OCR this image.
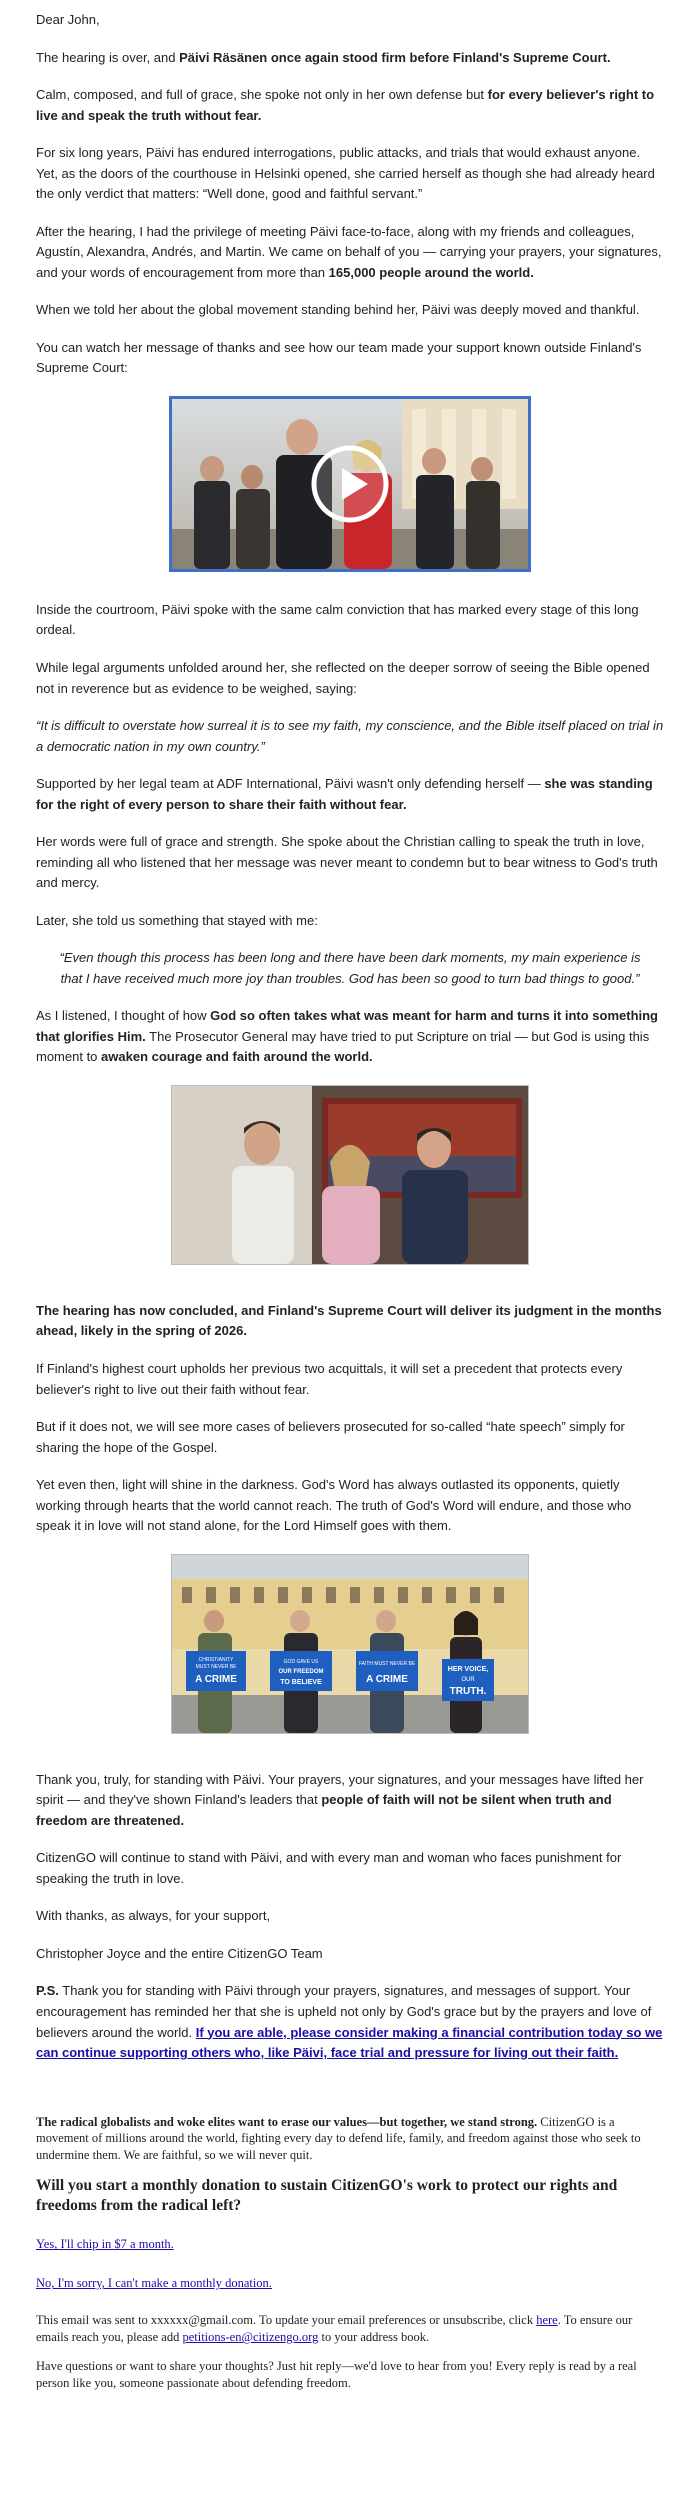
Dear John,

The hearing is over, and Päivi Räsänen once again stood firm before Finland's Supreme Court.

Calm, composed, and full of grace, she spoke not only in her own defense but for every believer's right to live and speak the truth without fear.

For six long years, Päivi has endured interrogations, public attacks, and trials that would exhaust anyone. Yet, as the doors of the courthouse in Helsinki opened, she carried herself as though she had already heard the only verdict that matters: “Well done, good and faithful servant.”

After the hearing, I had the privilege of meeting Päivi face-to-face, along with my friends and colleagues, Agustín, Alexandra, Andrés, and Martin. We came on behalf of you — carrying your prayers, your signatures, and your words of encouragement from more than 165,000 people around the world.

When we told her about the global movement standing behind her, Päivi was deeply moved and thankful.

You can watch her message of thanks and see how our team made your support known outside Finland's Supreme Court:

Inside the courtroom, Päivi spoke with the same calm conviction that has marked every stage of this long ordeal.

While legal arguments unfolded around her, she reflected on the deeper sorrow of seeing the Bible opened not in reverence but as evidence to be weighed, saying:

“It is difficult to overstate how surreal it is to see my faith, my conscience, and the Bible itself placed on trial in a democratic nation in my own country.”

Supported by her legal team at ADF International, Päivi wasn't only defending herself — she was standing for the right of every person to share their faith without fear.

Her words were full of grace and strength. She spoke about the Christian calling to speak the truth in love, reminding all who listened that her message was never meant to condemn but to bear witness to God's truth and mercy.

Later, she told us something that stayed with me:

“Even though this process has been long and there have been dark moments, my main experience is that I have received much more joy than troubles. God has been so good to turn bad things to good.”

As I listened, I thought of how God so often takes what was meant for harm and turns it into something that glorifies Him. The Prosecutor General may have tried to put Scripture on trial — but God is using this moment to awaken courage and faith around the world.

The hearing has now concluded, and Finland's Supreme Court will deliver its judgment in the months ahead, likely in the spring of 2026.

If Finland's highest court upholds her previous two acquittals, it will set a precedent that protects every believer's right to live out their faith without fear.

But if it does not, we will see more cases of believers prosecuted for so-called “hate speech” simply for sharing the hope of the Gospel.

Yet even then, light will shine in the darkness. God's Word has always outlasted its opponents, quietly working through hearts that the world cannot reach. The truth of God's Word will endure, and those who speak it in love will not stand alone, for the Lord Himself goes with them.

CHRISTIANITY
MUST NEVER BE
A CRIME
GOD GAVE US
OUR FREEDOM
TO BELIEVE
FAITH MUST NEVER BE
A CRIME
HER VOICE,
OUR
TRUTH.

Thank you, truly, for standing with Päivi. Your prayers, your signatures, and your messages have lifted her spirit — and they've shown Finland's leaders that people of faith will not be silent when truth and freedom are threatened.

CitizenGO will continue to stand with Päivi, and with every man and woman who faces punishment for speaking the truth in love.

With thanks, as always, for your support,

Christopher Joyce and the entire CitizenGO Team

P.S. Thank you for standing with Päivi through your prayers, signatures, and messages of support. Your encouragement has reminded her that she is upheld not only by God's grace but by the prayers and love of believers around the world. If you are able, please consider making a financial contribution today so we can continue supporting others who, like Päivi, face trial and pressure for living out their faith.

The radical globalists and woke elites want to erase our values—but together, we stand strong. CitizenGO is a movement of millions around the world, fighting every day to defend life, family, and freedom against those who seek to undermine them. We are faithful, so we will never quit.

Will you start a monthly donation to sustain CitizenGO's work to protect our rights and freedoms from the radical left?

Yes, I'll chip in $7 a month.

No, I'm sorry, I can't make a monthly donation.

This email was sent to xxxxxx@gmail.com. To update your email preferences or unsubscribe, click here. To ensure our emails reach you, please add petitions-en@citizengo.org to your address book.

Have questions or want to share your thoughts? Just hit reply—we'd love to hear from you! Every reply is read by a real person like you, someone passionate about defending freedom.
